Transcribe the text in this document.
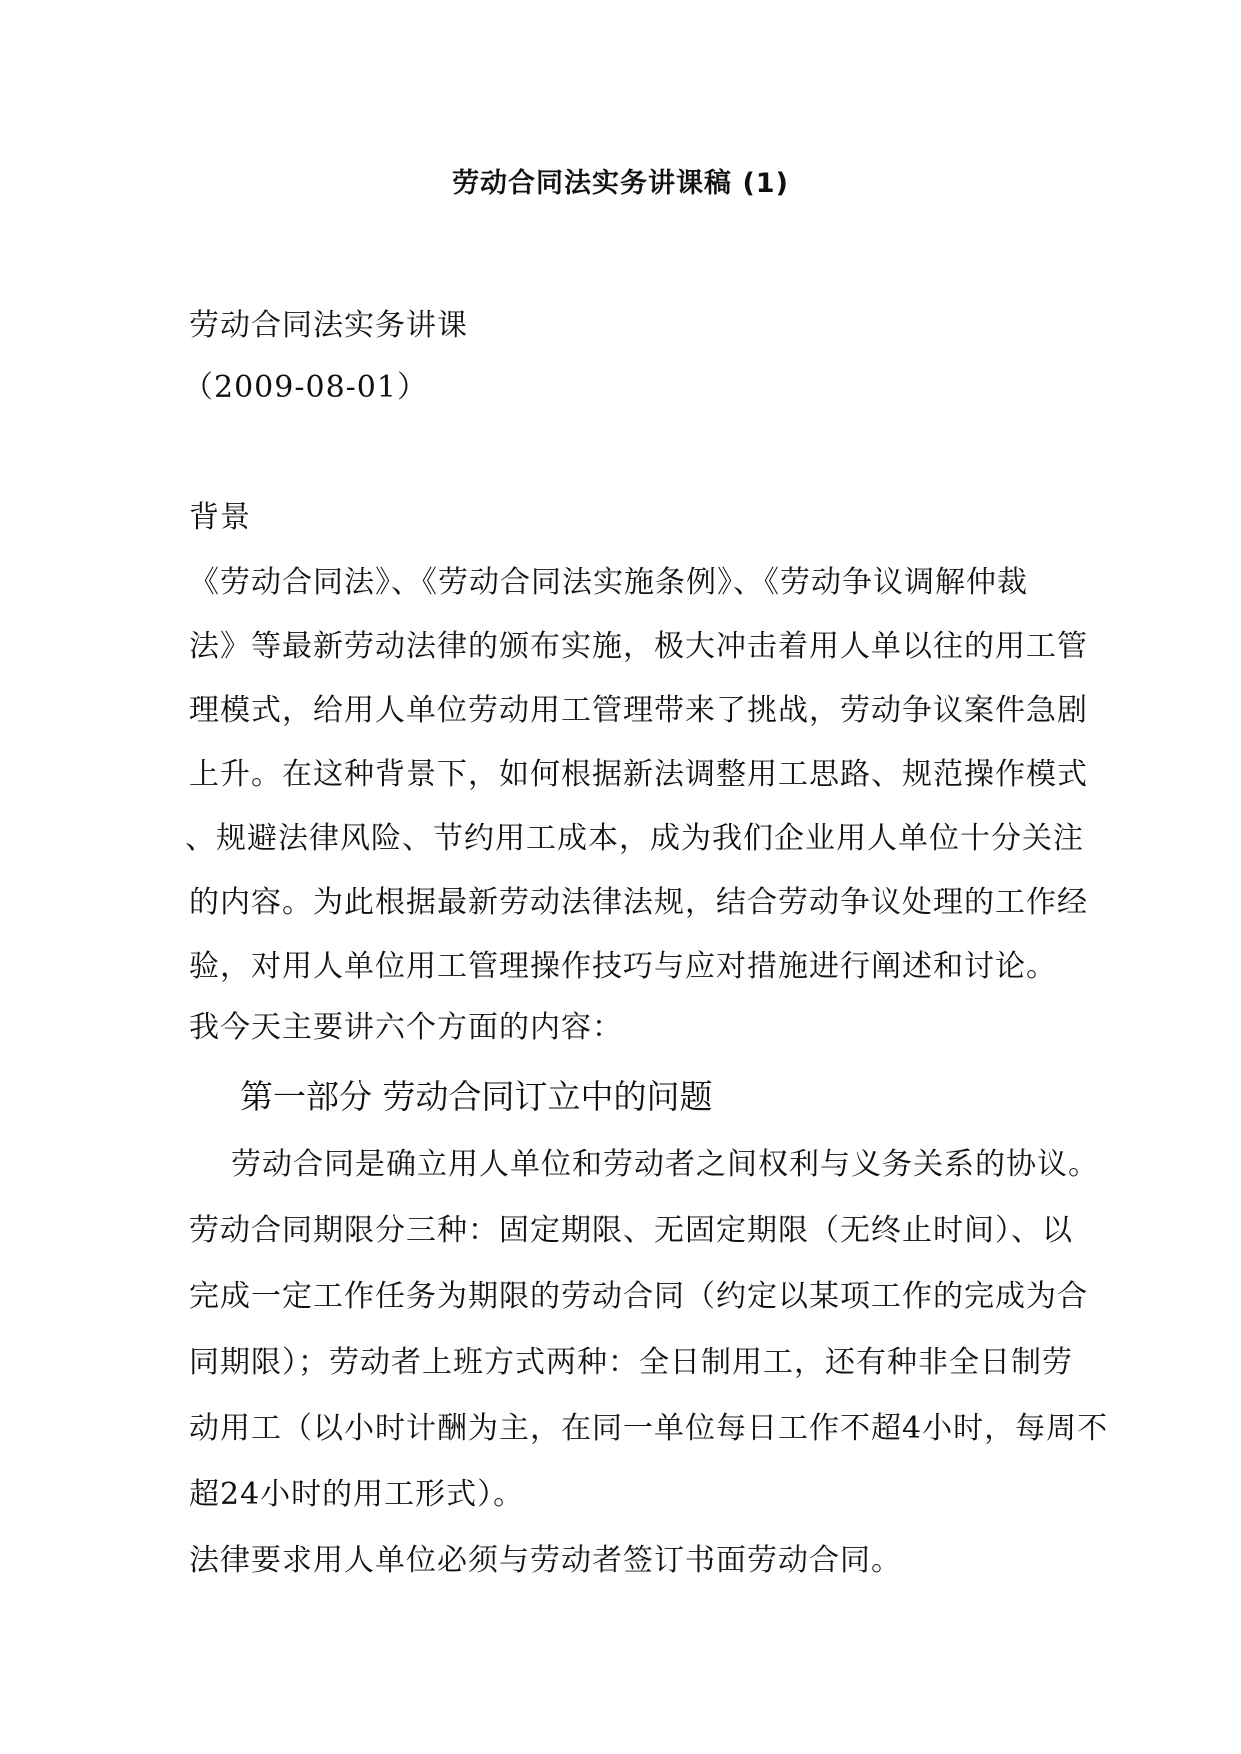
劳动合同法实务讲课稿 (1)
劳动合同法实务讲课
（2009-08-01）
背景
《劳动合同法》、《劳动合同法实施条例》、《劳动争议调解仲裁
法》等最新劳动法律的颁布实施，极大冲击着用人单以往的用工管
理模式，给用人单位劳动用工管理带来了挑战，劳动争议案件急剧
上升。在这种背景下，如何根据新法调整用工思路、规范操作模式
、规避法律风险、节约用工成本，成为我们企业用人单位十分关注
的内容。为此根据最新劳动法律法规，结合劳动争议处理的工作经
验，对用人单位用工管理操作技巧与应对措施进行阐述和讨论。
我今天主要讲六个方面的内容：
第一部分 劳动合同订立中的问题
劳动合同是确立用人单位和劳动者之间权利与义务关系的协议。
劳动合同期限分三种：固定期限、无固定期限（无终止时间）、以
完成一定工作任务为期限的劳动合同（约定以某项工作的完成为合
同期限）；劳动者上班方式两种：全日制用工，还有种非全日制劳
动用工（以小时计酬为主，在同一单位每日工作不超4小时，每周不
超24小时的用工形式）。
法律要求用人单位必须与劳动者签订书面劳动合同。
